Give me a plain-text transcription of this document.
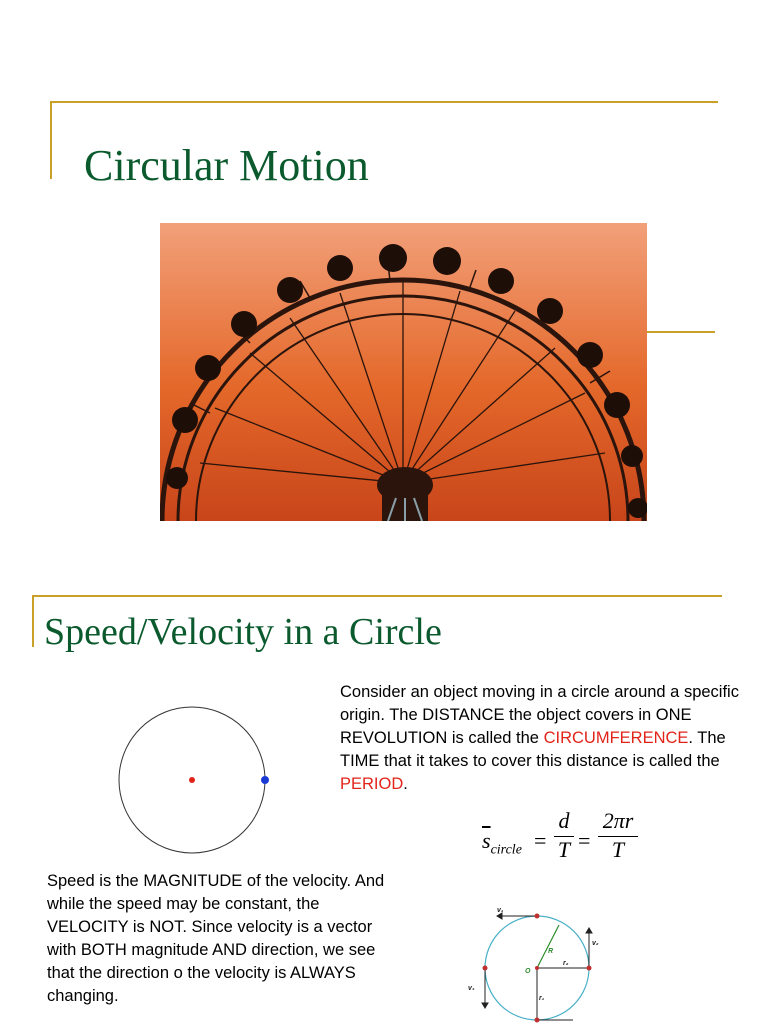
Circular Motion
Speed/Velocity in a Circle
Consider an object moving in a circle around a specific origin. The DISTANCE the object covers in ONE REVOLUTION is called the CIRCUMFERENCE. The TIME that it takes to cover this distance is called the PERIOD.
$\overline{s}_{circle}$ =
d
T =
2πr
T
Speed is the MAGNITUDE of the velocity. And while the speed may be constant, the VELOCITY is NOT. Since velocity is a vector with BOTH magnitude AND direction, we see that the direction o the velocity is ALWAYS changing.
v₁
v₂
v₄
r₂
r₁
R
O
